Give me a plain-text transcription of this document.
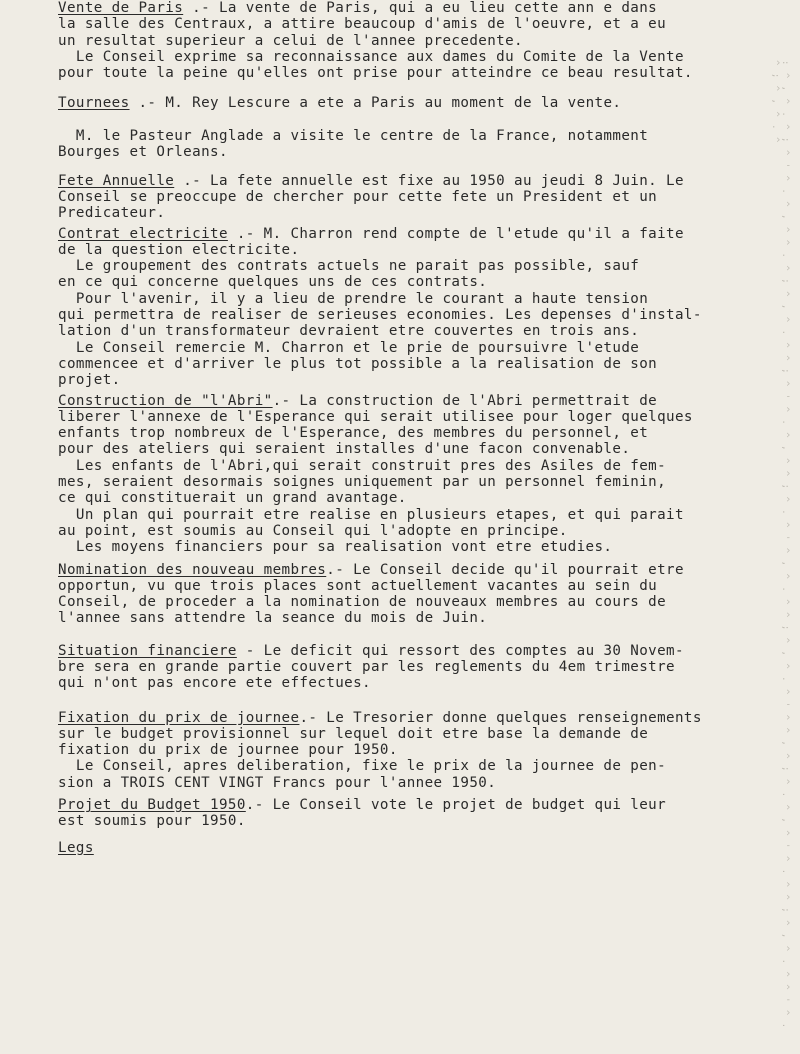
: ^ , ^ . ^ ; ^ ' ^ . ^ , ^ ^ . ^ ; ^ , ^ . ^ ^ ; ^ ' ^ . ^ , ^ ^ ; ^ . ^ ' ^ , ^ . ^ ^ ; ^ , ^ . ^ ' ^ ^ , ^ ; ^ . ^ , ^ ' ^ . ^ ^ ; ^ , ^ . ^ ^ ' ^ . ^ ; ^ , ^ . ^
Vente de Paris .- La vente de Paris, qui a eu lieu cette ann e dans
la salle des Centraux, a attire beaucoup d'amis de l'oeuvre, et a eu
un resultat superieur a celui de l'annee precedente.
Le Conseil exprime sa reconnaissance aux dames du Comite de la Vente
pour toute la peine qu'elles ont prise pour atteindre ce beau resultat.
Tournees .- M. Rey Lescure a ete a Paris au moment de la vente.
M. le Pasteur Anglade a visite le centre de la France, notamment
Bourges et Orleans.
Fete Annuelle .- La fete annuelle est fixe au 1950 au jeudi 8 Juin. Le
Conseil se preoccupe de chercher pour cette fete un President et un
Predicateur.
Contrat electricite .- M. Charron rend compte de l'etude qu'il a faite
de la question electricite.
Le groupement des contrats actuels ne parait pas possible, sauf
en ce qui concerne quelques uns de ces contrats.
Pour l'avenir, il y a lieu de prendre le courant a haute tension
qui permettra de realiser de serieuses economies. Les depenses d'instal-
lation d'un transformateur devraient etre couvertes en trois ans.
Le Conseil remercie M. Charron et le prie de poursuivre l'etude
commencee et d'arriver le plus tot possible a la realisation de son
projet.
Construction de "l'Abri".- La construction de l'Abri permettrait de
liberer l'annexe de l'Esperance qui serait utilisee pour loger quelques
enfants trop nombreux de l'Esperance, des membres du personnel, et
pour des ateliers qui seraient installes d'une facon convenable.
Les enfants de l'Abri,qui serait construit pres des Asiles de fem-
mes, seraient desormais soignes uniquement par un personnel feminin,
ce qui constituerait un grand avantage.
Un plan qui pourrait etre realise en plusieurs etapes, et qui parait
au point, est soumis au Conseil qui l'adopte en principe.
Les moyens financiers pour sa realisation vont etre etudies.
Nomination des nouveau membres.- Le Conseil decide qu'il pourrait etre
opportun, vu que trois places sont actuellement vacantes au sein du
Conseil, de proceder a la nomination de nouveaux membres au cours de
l'annee sans attendre la seance du mois de Juin.
Situation financiere - Le deficit qui ressort des comptes au 30 Novem-
bre sera en grande partie couvert par les reglements du 4em trimestre
qui n'ont pas encore ete effectues.
Fixation du prix de journee.- Le Tresorier donne quelques renseignements
sur le budget provisionnel sur lequel doit etre base la demande de
fixation du prix de journee pour 1950.
Le Conseil, apres deliberation, fixe le prix de la journee de pen-
sion a TROIS CENT VINGT Francs pour l'annee 1950.
Projet du Budget 1950.- Le Conseil vote le projet de budget qui leur
est soumis pour 1950.
Legs
